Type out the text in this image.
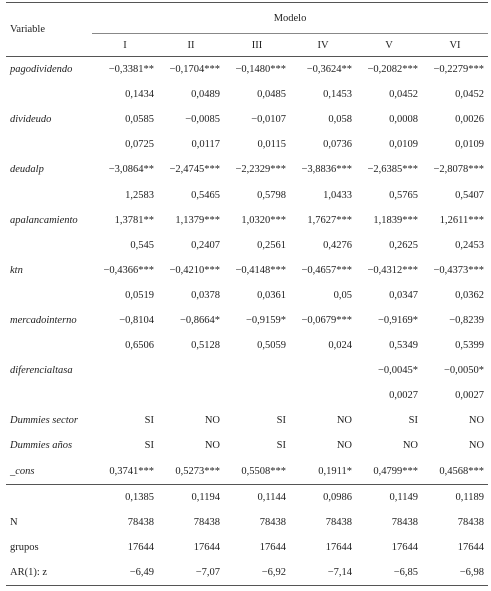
Variable	Modelo					
	I	II	III	IV	V	VI
pagodividendo	−0,3381**	−0,1704***	−0,1480***	−0,3624**	−0,2082***	−0,2279***
	0,1434	0,0489	0,0485	0,1453	0,0452	0,0452
divideudo	0,0585	−0,0085	−0,0107	0,058	0,0008	0,0026
	0,0725	0,0117	0,0115	0,0736	0,0109	0,0109
deudalp	−3,0864**	−2,4745***	−2,2329***	−3,8836***	−2,6385***	−2,8078***
	1,2583	0,5465	0,5798	1,0433	0,5765	0,5407
apalancamiento	1,3781**	1,1379***	1,0320***	1,7627***	1,1839***	1,2611***
	0,545	0,2407	0,2561	0,4276	0,2625	0,2453
ktn	−0,4366***	−0,4210***	−0,4148***	−0,4657***	−0,4312***	−0,4373***
	0,0519	0,0378	0,0361	0,05	0,0347	0,0362
mercadointerno	−0,8104	−0,8664*	−0,9159*	−0,0679***	−0,9169*	−0,8239
	0,6506	0,5128	0,5059	0,024	0,5349	0,5399
diferencialtasa					−0,0045*	−0,0050*
					0,0027	0,0027
Dummies sector	SI	NO	SI	NO	SI	NO
Dummies años	SI	NO	SI	NO	NO	NO
_cons	0,3741***	0,5273***	0,5508***	0,1911*	0,4799***	0,4568***
	0,1385	0,1194	0,1144	0,0986	0,1149	0,1189
N	78438	78438	78438	78438	78438	78438
grupos	17644	17644	17644	17644	17644	17644
AR(1): z	−6,49	−7,07	−6,92	−7,14	−6,85	−6,98
